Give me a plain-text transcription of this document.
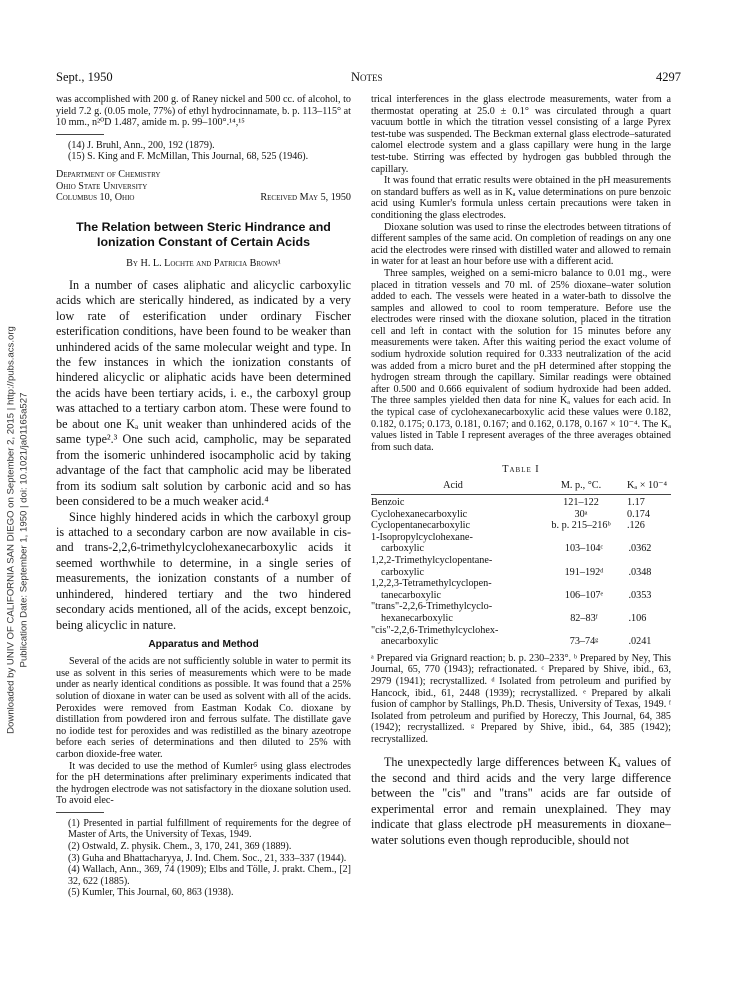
Downloaded by UNIV OF CALIFORNIA SAN DIEGO on September 2, 2015 | http://pubs.acs.org Publication Date: September 1, 1950 | doi: 10.1021/ja01165a527
Sept., 1950	Notes	4297

was accomplished with 200 g. of Raney nickel and 500 cc. of alcohol, to yield 7.2 g. (0.05 mole, 77%) of ethyl hydrocinnamate, b. p. 113–115° at 10 mm., n²⁰D 1.487, amide m. p. 99–100°.¹⁴,¹⁵

(14) J. Bruhl, Ann., 200, 192 (1879).

(15) S. King and F. McMillan, This Journal, 68, 525 (1946).

Department of Chemistry
Ohio State University
Columbus 10, Ohio	Received May 5, 1950
The Relation between Steric Hindrance and Ionization Constant of Certain Acids
By H. L. Lochte and Patricia Brown¹

In a number of cases aliphatic and alicyclic carboxylic acids which are sterically hindered, as indicated by a very low rate of esterification under ordinary Fischer esterification conditions, have been found to be weaker than unhindered acids of the same molecular weight and type. In the few instances in which the ionization constants of hindered alicyclic or aliphatic acids have been determined the acids have been tertiary acids, i. e., the carboxyl group was attached to a tertiary carbon atom. These were found to be about one Kₐ unit weaker than unhindered acids of the same type².³ One such acid, campholic, may be separated from the isomeric unhindered isocampholic acid by taking advantage of the fact that campholic acid may be liberated from its sodium salt solution by carbonic acid and so has been considered to be a much weaker acid.⁴

Since highly hindered acids in which the carboxyl group is attached to a secondary carbon are now available in cis- and trans-2,2,6-trimethylcyclohexanecarboxylic acids it seemed worthwhile to determine, in a single series of measurements, the ionization constants of a number of unhindered, hindered tertiary and the two hindered secondary acids mentioned, all of the acids, except benzoic, being alicyclic in nature.

Apparatus and Method

Several of the acids are not sufficiently soluble in water to permit its use as solvent in this series of measurements which were to be made under as nearly identical conditions as possible. It was found that a 25% solution of dioxane in water can be used as solvent with all of the acids. Peroxides were removed from Eastman Kodak Co. dioxane by distillation from powdered iron and ferrous sulfate. The distillate gave no iodide test for peroxides and was redistilled as the binary azeotrope before each series of determinations and then diluted to 25% with carbon dioxide-free water.

It was decided to use the method of Kumler⁵ using glass electrodes for the pH determinations after preliminary experiments indicated that the hydrogen electrode was not satisfactory in the dioxane solution used. To avoid elec-

(1) Presented in partial fulfillment of requirements for the degree of Master of Arts, the University of Texas, 1949.

(2) Ostwald, Z. physik. Chem., 3, 170, 241, 369 (1889).

(3) Guha and Bhattacharyya, J. Ind. Chem. Soc., 21, 333–337 (1944).

(4) Wallach, Ann., 369, 74 (1909); Elbs and Tölle, J. prakt. Chem., [2] 32, 622 (1885).

(5) Kumler, This Journal, 60, 863 (1938).

trical interferences in the glass electrode measurements, water from a thermostat operating at 25.0 ± 0.1° was circulated through a quart vacuum bottle in which the titration vessel consisting of a large Pyrex test-tube was suspended. The Beckman external glass electrode–saturated calomel electrode system and a glass capillary were hung in the large test-tube. Stirring was effected by hydrogen gas bubbled through the capillary.

It was found that erratic results were obtained in the pH measurements on standard buffers as well as in Kₐ value determinations on pure benzoic acid using Kumler's formula unless certain precautions were taken in conditioning the glass electrodes.

Dioxane solution was used to rinse the electrodes between titrations of different samples of the same acid. On completion of readings on any one acid the electrodes were rinsed with distilled water and allowed to remain in water for at least an hour before use with a different acid.

Three samples, weighed on a semi-micro balance to 0.01 mg., were placed in titration vessels and 70 ml. of 25% dioxane–water solution added to each. The vessels were heated in a water-bath to dissolve the samples and allowed to cool to room temperature. Before use the electrodes were rinsed with the dioxane solution, placed in the titration cell and left in contact with the solution for 15 minutes before any measurements were taken. After this waiting period the exact volume of sodium hydroxide solution required for 0.333 neutralization of the acid was added from a micro buret and the pH determined after stopping the hydrogen stream through the capillary. Similar readings were obtained after 0.500 and 0.666 equivalent of sodium hydroxide had been added. The three samples yielded then data for nine Kₐ values for each acid. In the typical case of cyclohexanecarboxylic acid these values were 0.182, 0.182, 0.175; 0.173, 0.181, 0.167; and 0.162, 0.178, 0.167 × 10⁻⁴. The Kₐ values listed in Table I represent averages of the three averages obtained from such data.

Table I
Acid	M. p., °C.	Kₐ × 10⁻⁴
Benzoic	121–122	1.17
Cyclohexanecarboxylic	30ᵃ	0.174
Cyclopentanecarboxylic	b. p. 215–216ᵇ	.126
1-Isopropylcyclohexane-
carboxylic	103–104ᶜ	.0362
1,2,2-Trimethylcyclopentane-
carboxylic	191–192ᵈ	.0348
1,2,2,3-Tetramethylcyclopen-
tanecarboxylic	106–107ᵉ	.0353
"trans"-2,2,6-Trimethylcyclo-
hexanecarboxylic	82–83ᶠ	.106
"cis"-2,2,6-Trimethylcyclohex-
anecarboxylic	73–74ᵍ	.0241

ᵃ Prepared via Grignard reaction; b. p. 230–233°. ᵇ Prepared by Ney, This Journal, 65, 770 (1943); refractionated. ᶜ Prepared by Shive, ibid., 63, 2979 (1941); recrystallized. ᵈ Isolated from petroleum and purified by Hancock, ibid., 61, 2448 (1939); recrystallized. ᵉ Prepared by alkali fusion of camphor by Stallings, Ph.D. Thesis, University of Texas, 1949. ᶠ Isolated from petroleum and purified by Horeczy, This Journal, 64, 385 (1942); recrystallized. ᵍ Prepared by Shive, ibid., 64, 385 (1942); recrystallized.

The unexpectedly large differences between Kₐ values of the second and third acids and the very large difference between the "cis" and "trans" acids are far outside of experimental error and remain unexplained. They may indicate that glass electrode pH measurements in dioxane–water solutions even though reproducible, should not
